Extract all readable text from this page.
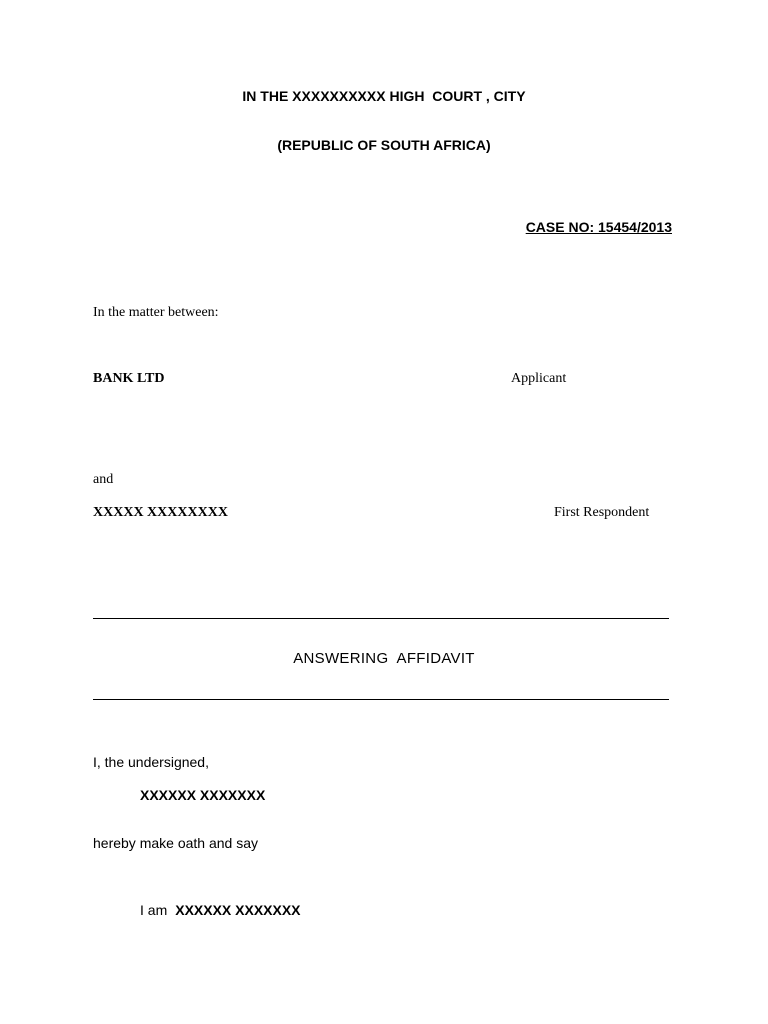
IN THE XXXXXXXXXX HIGH  COURT , CITY
(REPUBLIC OF SOUTH AFRICA)
CASE NO: 15454/2013
In the matter between:
BANK LTD	Applicant
and
XXXXX XXXXXXXX	First Respondent
ANSWERING  AFFIDAVIT
I, the undersigned,
XXXXXX XXXXXXX
hereby make oath and say
I am XXXXXX XXXXXXX
